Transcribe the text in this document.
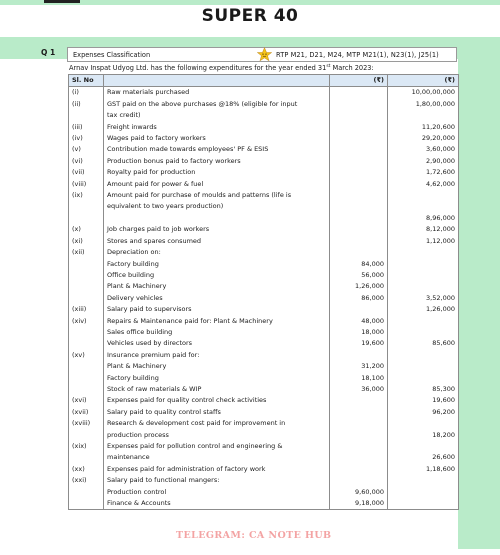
SUPER 40
Q 1	Expenses Classification	RTP M21, D21, M24, MTP M21(1), N23(1), J25(1)
Arnav Inspat Udyog Ltd. has the following expenditures for the year ended 31st March 2023:
Sl. No		(₹)	(₹)
(i)	Raw materials purchased		10,00,00,000
(ii)	GST paid on the above purchases @18% (eligible for input		1,80,00,000
	tax credit)		
(iii)	Freight inwards		11,20,600
(iv)	Wages paid to factory workers		29,20,000
(v)	Contribution made towards employees' PF & ESIS		3,60,000
(vi)	Production bonus paid to factory workers		2,90,000
(vii)	Royalty paid for production		1,72,600
(viii)	Amount paid for power & fuel		4,62,000
(ix)	Amount paid for purchase of moulds and patterns (life is		
	equivalent to two years production)		
			8,96,000
(x)	Job charges paid to job workers		8,12,000
(xi)	Stores and spares consumed		1,12,000
(xii)	Depreciation on:		
	Factory building	84,000	
	Office building	56,000	
	Plant & Machinery	1,26,000	
	Delivery vehicles	86,000	3,52,000
(xiii)	Salary paid to supervisors		1,26,000
(xiv)	Repairs & Maintenance paid for: Plant & Machinery	48,000	
	Sales office building	18,000	
	Vehicles used by directors	19,600	85,600
(xv)	Insurance premium paid for:		
	Plant & Machinery	31,200	
	Factory building	18,100	
	Stock of raw materials & WIP	36,000	85,300
(xvi)	Expenses paid for quality control check activities		19,600
(xvii)	Salary paid to quality control staffs		96,200
(xviii)	Research & development cost paid for improvement in		
	production process		18,200
(xix)	Expenses paid for pollution control and engineering &		
	maintenance		26,600
(xx)	Expenses paid for administration of factory work		1,18,600
(xxi)	Salary paid to functional mangers:		
	Production control	9,60,000	
	Finance & Accounts	9,18,000	
TELEGRAM: CA NOTE HUB
